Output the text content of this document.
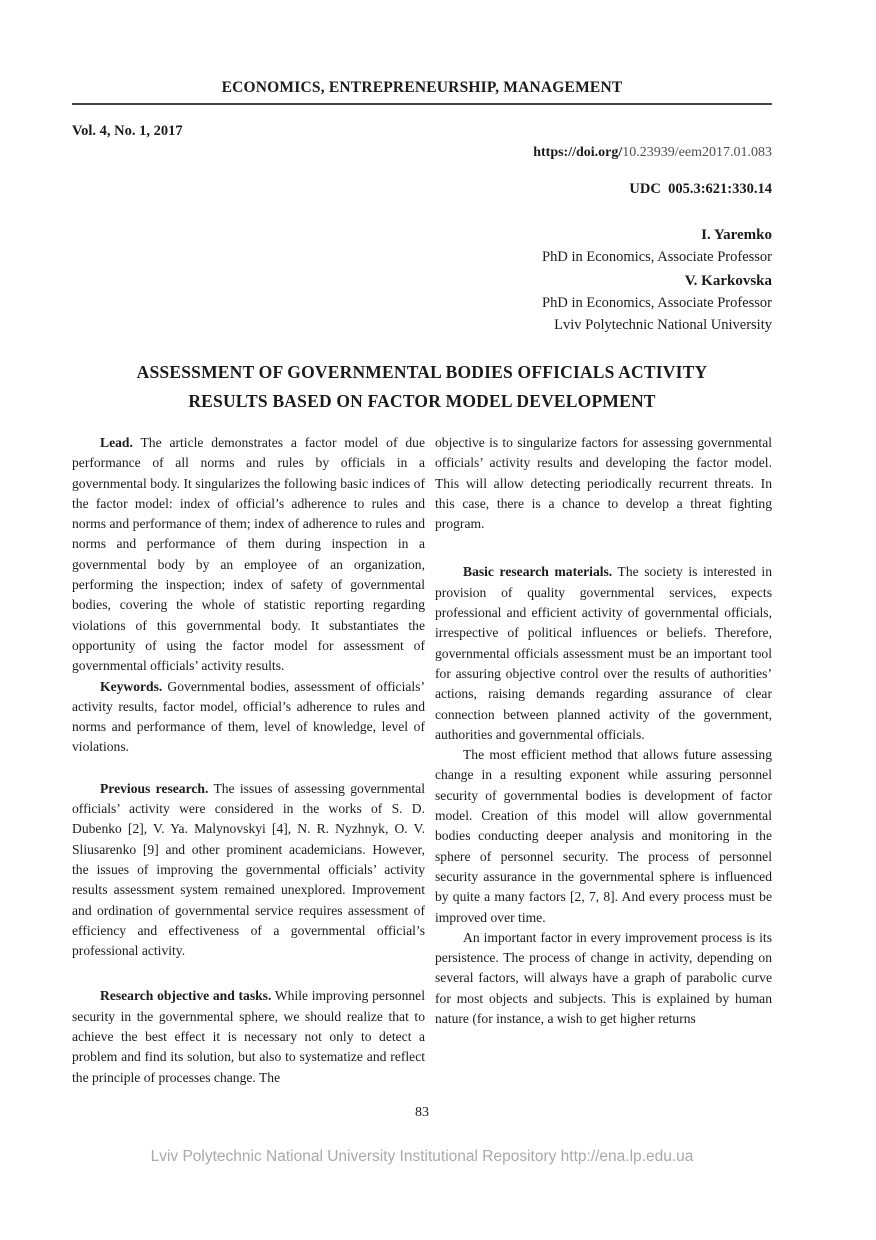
ECONOMICS, ENTREPRENEURSHIP, MANAGEMENT
Vol. 4, No. 1, 2017
https://doi.org/10.23939/eem2017.01.083
UDC  005.3:621:330.14
I. Yaremko
PhD in Economics, Associate Professor
V. Karkovska
PhD in Economics, Associate Professor
Lviv Polytechnic National University
ASSESSMENT OF GOVERNMENTAL BODIES OFFICIALS ACTIVITY
RESULTS BASED ON FACTOR MODEL DEVELOPMENT

Lead. The article demonstrates a factor model of due performance of all norms and rules by officials in a governmental body. It singularizes the following basic indices of the factor model: index of official’s adherence to rules and norms and performance of them; index of adherence to rules and norms and performance of them during inspection in a governmental body by an employee of an organization, performing the inspection; index of safety of governmental bodies, covering the whole of statistic reporting regarding violations of this governmental body. It substantiates the opportunity of using the factor model for assessment of governmental officials’ activity results.

Keywords. Governmental bodies, assessment of officials’ activity results, factor model, official’s adherence to rules and norms and performance of them, level of knowledge, level of violations.

Previous research. The issues of assessing governmental officials’ activity were considered in the works of S. D. Dubenko [2], V. Ya. Malynovskyi [4], N. R. Nyzhnyk, O. V. Sliusarenko [9] and other prominent academicians. However, the issues of improving the governmental officials’ activity results assessment system remained unexplored. Improvement and ordination of governmental service requires assessment of efficiency and effectiveness of a governmental official’s professional activity.

Research objective and tasks. While improving personnel security in the governmental sphere, we should realize that to achieve the best effect it is necessary not only to detect a problem and find its solution, but also to systematize and reflect the principle of processes change. The

objective is to singularize factors for assessing governmental officials’ activity results and developing the factor model. This will allow detecting periodically recurrent threats. In this case, there is a chance to develop a threat fighting program.

Basic research materials. The society is interested in provision of quality governmental services, expects professional and efficient activity of governmental officials, irrespective of political influences or beliefs. Therefore, governmental officials assessment must be an important tool for assuring objective control over the results of authorities’ actions, raising demands regarding assurance of clear connection between planned activity of the government, authorities and governmental officials.

The most efficient method that allows future assessing change in a resulting exponent while assuring personnel security of governmental bodies is development of factor model. Creation of this model will allow governmental bodies conducting deeper analysis and monitoring in the sphere of personnel security. The process of personnel security assurance in the governmental sphere is influenced by quite a many factors [2, 7, 8]. And every process must be improved over time.

An important factor in every improvement process is its persistence. The process of change in activity, depending on several factors, will always have a graph of parabolic curve for most objects and subjects. This is explained by human nature (for instance, a wish to get higher returns

83
Lviv Polytechnic National University Institutional Repository http://ena.lp.edu.ua
